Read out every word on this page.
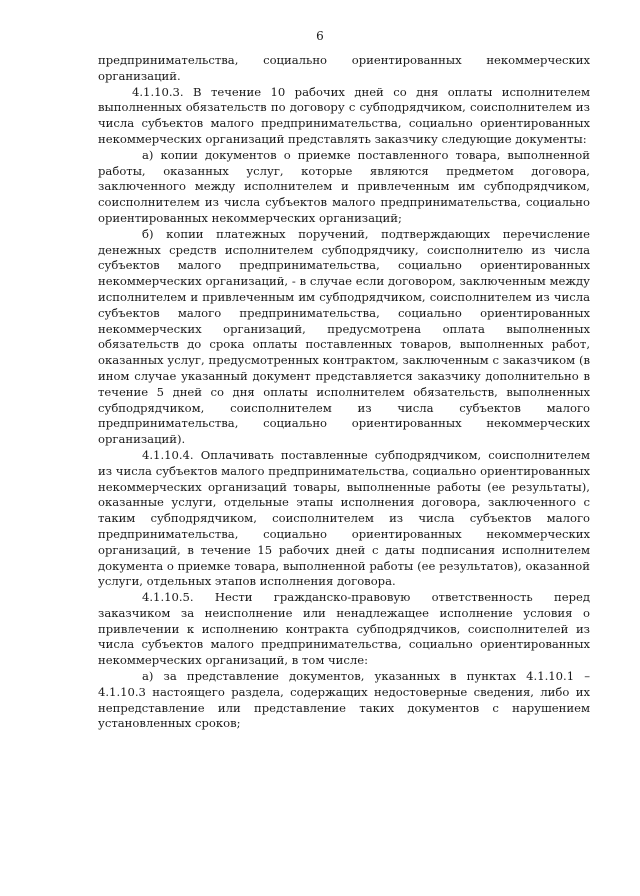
6

предпринимательства, социально ориентированных некоммерческих организаций.

4.1.10.3. В течение 10 рабочих дней со дня оплаты исполнителем выполненных обязательств по договору с субподрядчиком, соисполнителем из числа субъектов малого предпринимательства, социально ориентированных некоммерческих организаций представлять заказчику следующие документы:

а) копии документов о приемке поставленного товара, выполненной работы, оказанных услуг, которые являются предметом договора, заключенного между исполнителем и привлеченным им субподрядчиком, соисполнителем из числа субъектов малого предпринимательства, социально ориентированных некоммерческих организаций;

б) копии платежных поручений, подтверждающих перечисление денежных средств исполнителем субподрядчику, соисполнителю из числа субъектов малого предпринимательства, социально ориентированных некоммерческих организаций, - в случае если договором, заключенным между исполнителем и привлеченным им субподрядчиком, соисполнителем из числа субъектов малого предпринимательства, социально ориентированных некоммерческих организаций, предусмотрена оплата выполненных обязательств до срока оплаты поставленных товаров, выполненных работ, оказанных услуг, предусмотренных контрактом, заключенным с заказчиком (в ином случае указанный документ представляется заказчику дополнительно в течение 5 дней со дня оплаты исполнителем обязательств, выполненных субподрядчиком, соисполнителем из числа субъектов малого предпринимательства, социально ориентированных некоммерческих организаций).

4.1.10.4. Оплачивать поставленные субподрядчиком, соисполнителем из числа субъектов малого предпринимательства, социально ориентированных некоммерческих организаций товары, выполненные работы (ее результаты), оказанные услуги, отдельные этапы исполнения договора, заключенного с таким субподрядчиком, соисполнителем из числа субъектов малого предпринимательства, социально ориентированных некоммерческих организаций, в течение 15 рабочих дней с даты подписания исполнителем документа о приемке товара, выполненной работы (ее результатов), оказанной услуги, отдельных этапов исполнения договора.

4.1.10.5. Нести гражданско-правовую ответственность перед заказчиком за неисполнение или ненадлежащее исполнение условия о привлечении к исполнению контракта субподрядчиков, соисполнителей из числа субъектов малого предпринимательства, социально ориентированных некоммерческих организаций, в том числе:

а) за представление документов, указанных в пунктах 4.1.10.1 – 4.1.10.3 настоящего раздела, содержащих недостоверные сведения, либо их непредставление или представление таких документов с нарушением установленных сроков;
